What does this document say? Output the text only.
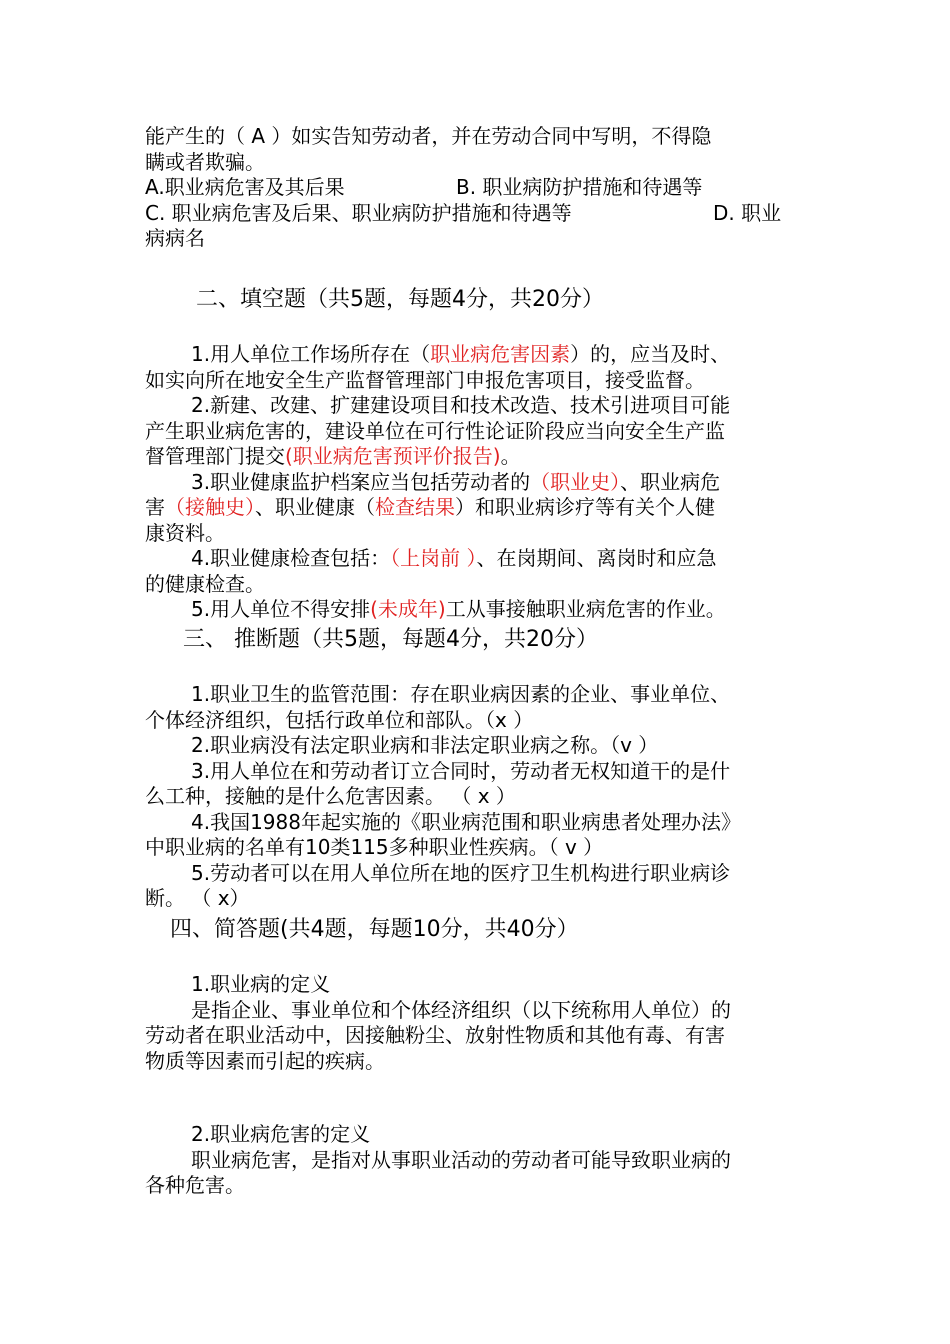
能产生的（ A ）如实告知劳动者，并在劳动合同中写明，不得隐
瞒或者欺骗。
A.职业病危害及其后果	B. 职业病防护措施和待遇等
C. 职业病危害及后果、职业病防护措施和待遇等	D. 职业
病病名
二、填空题（共5题，每题4分，共20分）
1.用人单位工作场所存在（职业病危害因素）的，应当及时、
如实向所在地安全生产监督管理部门申报危害项目，接受监督。
2.新建、改建、扩建建设项目和技术改造、技术引进项目可能
产生职业病危害的，建设单位在可行性论证阶段应当向安全生产监
督管理部门提交(职业病危害预评价报告)。
3.职业健康监护档案应当包括劳动者的（职业史）、职业病危
害（接触史）、职业健康（检查结果）和职业病诊疗等有关个人健
康资料。
4.职业健康检查包括：（上岗前 ）、在岗期间、离岗时和应急
的健康检查。
5.用人单位不得安排(未成年)工从事接触职业病危害的作业。
三、 推断题（共5题，每题4分，共20分）
1.职业卫生的监管范围：存在职业病因素的企业、事业单位、
个体经济组织，包括行政单位和部队。（x ）
2.职业病没有法定职业病和非法定职业病之称。（v ）
3.用人单位在和劳动者订立合同时，劳动者无权知道干的是什
么工种，接触的是什么危害因素。 （ x ）
4.我国1988年起实施的《职业病范围和职业病患者处理办法》
中职业病的名单有10类115多种职业性疾病。（ v ）
5.劳动者可以在用人单位所在地的医疗卫生机构进行职业病诊
断。 （ x）
四、简答题(共4题，每题10分，共40分）
1.职业病的定义
是指企业、事业单位和个体经济组织（以下统称用人单位）的
劳动者在职业活动中，因接触粉尘、放射性物质和其他有毒、有害
物质等因素而引起的疾病。
2.职业病危害的定义
职业病危害，是指对从事职业活动的劳动者可能导致职业病的
各种危害。
